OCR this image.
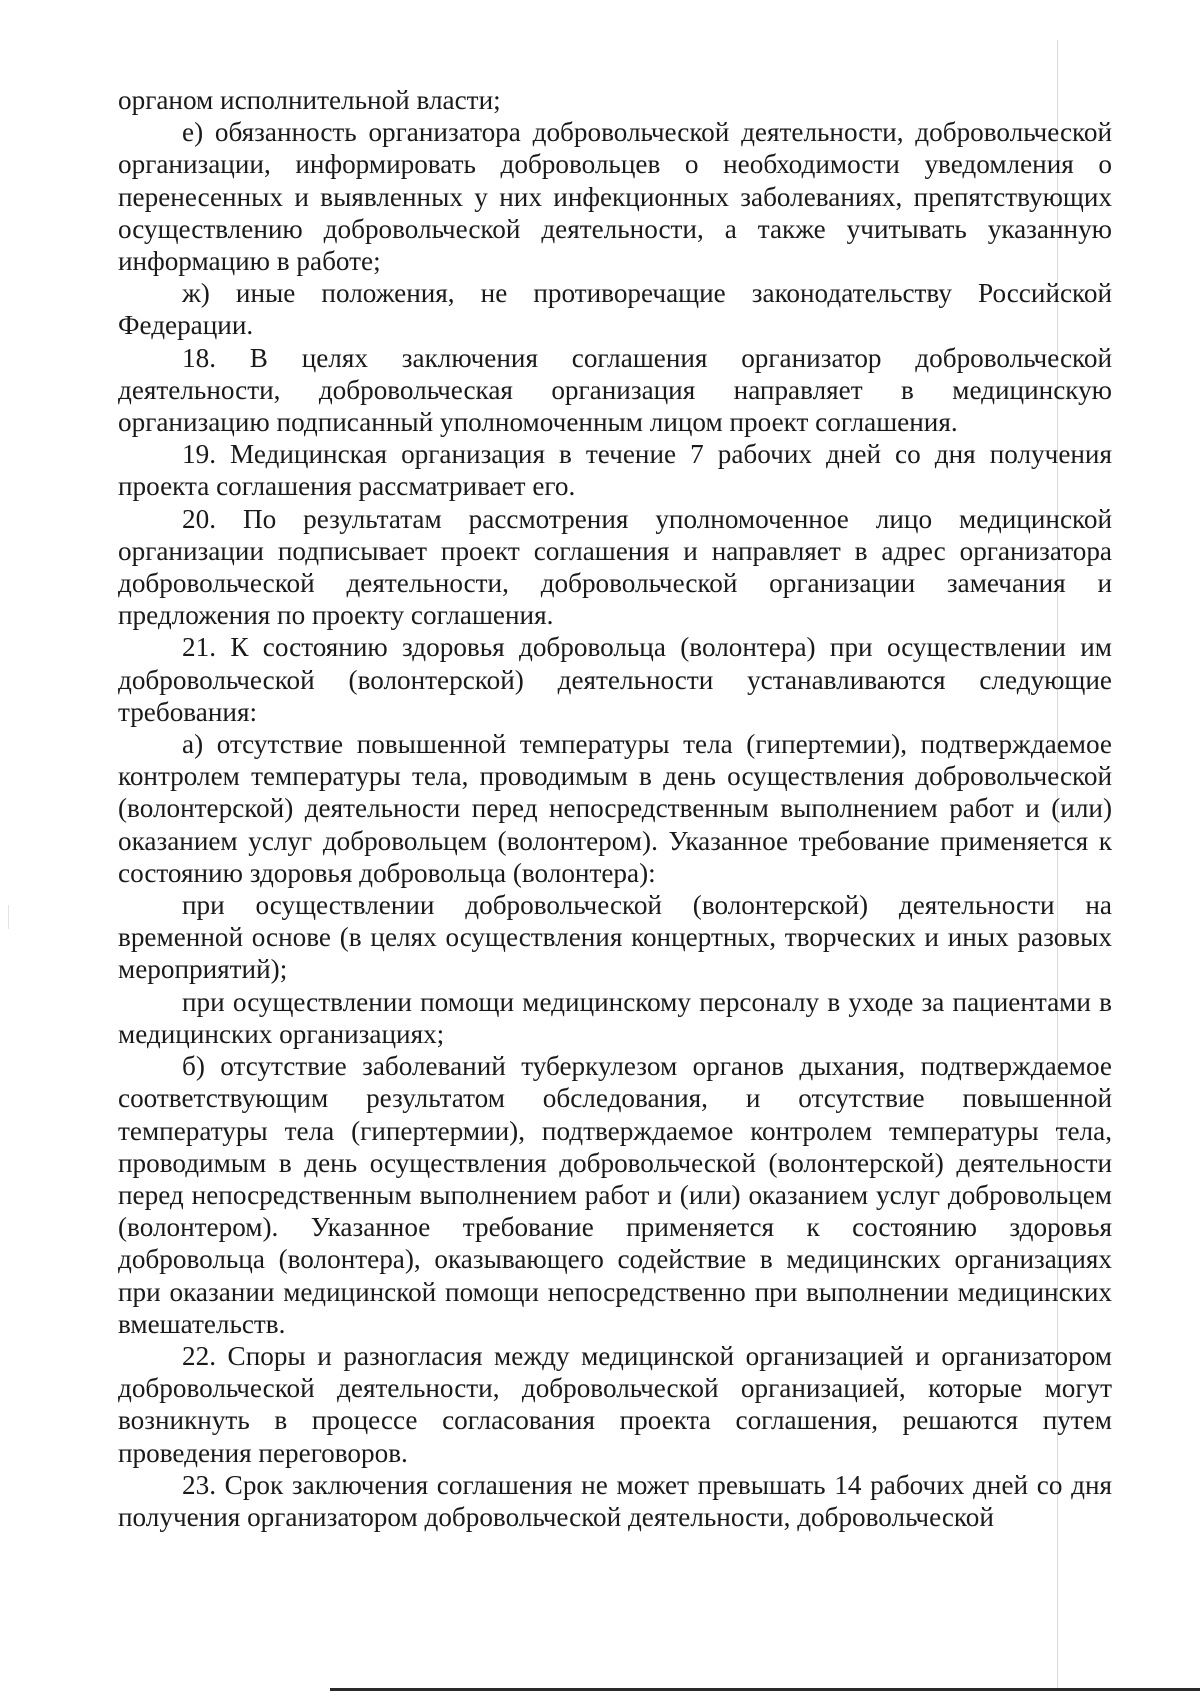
органом исполнительной власти;

е) обязанность организатора добровольческой деятельности, добровольческой организации, информировать добровольцев о необходимости уведомления о перенесенных и выявленных у них инфекционных заболеваниях, препятствующих осуществлению добровольческой деятельности, а также учитывать указанную информацию в работе;

ж) иные положения, не противоречащие законодательству Российской Федерации.

18. В целях заключения соглашения организатор добровольческой деятельности, добровольческая организация направляет в медицинскую организацию подписанный уполномоченным лицом проект соглашения.

19. Медицинская организация в течение 7 рабочих дней со дня получения проекта соглашения рассматривает его.

20. По результатам рассмотрения уполномоченное лицо медицинской организации подписывает проект соглашения и направляет в адрес организатора добровольческой деятельности, добровольческой организации замечания и предложения по проекту соглашения.

21. К состоянию здоровья добровольца (волонтера) при осуществлении им добровольческой (волонтерской) деятельности устанавливаются следующие требования:

а) отсутствие повышенной температуры тела (гипертемии), подтверждаемое контролем температуры тела, проводимым в день осуществления добровольческой (волонтерской) деятельности перед непосредственным выполнением работ и (или) оказанием услуг добровольцем (волонтером). Указанное требование применяется к состоянию здоровья добровольца (волонтера):

при осуществлении добровольческой (волонтерской) деятельности на временной основе (в целях осуществления концертных, творческих и иных разовых мероприятий);

при осуществлении помощи медицинскому персоналу в уходе за пациентами в медицинских организациях;

б) отсутствие заболеваний туберкулезом органов дыхания, подтверждаемое соответствующим результатом обследования, и отсутствие повышенной температуры тела (гипертермии), подтверждаемое контролем температуры тела, проводимым в день осуществления добровольческой (волонтерской) деятельности перед непосредственным выполнением работ и (или) оказанием услуг добровольцем (волонтером). Указанное требование применяется к состоянию здоровья добровольца (волонтера), оказывающего содействие в медицинских организациях при оказании медицинской помощи непосредственно при выполнении медицинских вмешательств.

22. Споры и разногласия между медицинской организацией и организатором добровольческой деятельности, добровольческой организацией, которые могут возникнуть в процессе согласования проекта соглашения, решаются путем проведения переговоров.

23. Срок заключения соглашения не может превышать 14 рабочих дней со дня получения организатором добровольческой деятельности, добровольческой
